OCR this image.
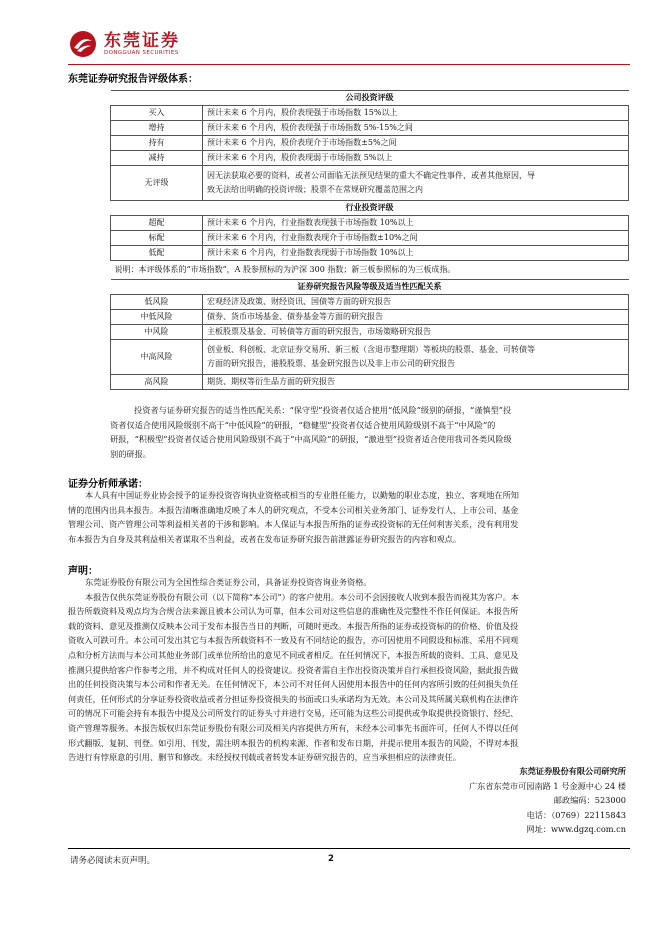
东莞证券
DONGGUAN SECURITIES
东莞证券研究报告评级体系：
公司投资评级	
买入	预计未来 6 个月内，股价表现强于市场指数 15%以上
增持	预计未来 6 个月内，股价表现强于市场指数 5%-15%之间
持有	预计未来 6 个月内，股价表现介于市场指数±5%之间
减持	预计未来 6 个月内，股价表现弱于市场指数 5%以上
无评级	因无法获取必要的资料，或者公司面临无法预见结果的重大不确定性事件，或者其他原因，导
致无法给出明确的投资评级；股票不在常规研究覆盖范围之内

行业投资评级	
超配	预计未来 6 个月内，行业指数表现强于市场指数 10%以上
标配	预计未来 6 个月内，行业指数表现介于市场指数±10%之间
低配	预计未来 6 个月内，行业指数表现弱于市场指数 10%以上
说明：本评级体系的“市场指数”，A 股参照标的为沪深 300 指数；新三板参照标的为三板成指。	
证券研究报告风险等级及适当性匹配关系	
低风险	宏观经济及政策、财经资讯、国债等方面的研究报告
中低风险	债券、货币市场基金、债券基金等方面的研究报告
中风险	主板股票及基金、可转债等方面的研究报告，市场策略研究报告
中高风险	创业板、科创板、北京证券交易所、新三板（含退市整理期）等板块的股票、基金、可转债等
方面的研究报告，港股股票、基金研究报告以及非上市公司的研究报告

高风险	期货、期权等衍生品方面的研究报告
投资者与证券研究报告的适当性匹配关系：“保守型”投资者仅适合使用“低风险”级别的研报，“谨慎型”投
资者仅适合使用风险级别不高于“中低风险”的研报，“稳健型”投资者仅适合使用风险级别不高于“中风险”的
研报，“积极型”投资者仅适合使用风险级别不高于“中高风险”的研报，“激进型”投资者适合使用我司各类风险级
别的研报。
证券分析师承诺：
本人具有中国证券业协会授予的证券投资咨询执业资格或相当的专业胜任能力，以勤勉的职业态度，独立、客观地在所知
情的范围内出具本报告。本报告清晰准确地反映了本人的研究观点，不受本公司相关业务部门、证券发行人、上市公司、基金
管理公司、资产管理公司等利益相关者的干涉和影响。本人保证与本报告所指的证券或投资标的无任何利害关系，没有利用发
布本报告为自身及其利益相关者谋取不当利益，或者在发布证券研究报告前泄露证券研究报告的内容和观点。
声明：
东莞证券股份有限公司为全国性综合类证券公司，具备证券投资咨询业务资格。
本报告仅供东莞证券股份有限公司（以下简称“本公司”）的客户使用。本公司不会因接收人收到本报告而视其为客户。本
报告所载资料及观点均为合规合法来源且被本公司认为可靠，但本公司对这些信息的准确性及完整性不作任何保证。本报告所
载的资料、意见及推测仅反映本公司于发布本报告当日的判断，可随时更改。本报告所指的证券或投资标的的价格、价值及投
资收入可跌可升。本公司可发出其它与本报告所载资料不一致及有不同结论的报告，亦可因使用不同假设和标准、采用不同观
点和分析方法而与本公司其他业务部门或单位所给出的意见不同或者相反。在任何情况下，本报告所载的资料、工具、意见及
推测只提供给客户作参考之用，并不构成对任何人的投资建议。投资者需自主作出投资决策并自行承担投资风险，据此报告做
出的任何投资决策与本公司和作者无关。在任何情况下，本公司不对任何人因使用本报告中的任何内容所引致的任何损失负任
何责任，任何形式的分享证券投资收益或者分担证券投资损失的书面或口头承诺均为无效。本公司及其所属关联机构在法律许
可的情况下可能会持有本报告中提及公司所发行的证券头寸并进行交易，还可能为这些公司提供或争取提供投资银行、经纪、
资产管理等服务。本报告版权归东莞证券股份有限公司及相关内容提供方所有，未经本公司事先书面许可，任何人不得以任何
形式翻版、复制、刊登。如引用、刊发，需注明本报告的机构来源、作者和发布日期，并提示使用本报告的风险，不得对本报
告进行有悖原意的引用、删节和修改。未经授权刊载或者转发本证券研究报告的，应当承担相应的法律责任。
东莞证券股份有限公司研究所
广东省东莞市可园南路 1 号金源中心 24 楼
邮政编码：523000
电话：（0769）22115843
网址：www.dgzq.com.cn
请务必阅读末页声明。	2
